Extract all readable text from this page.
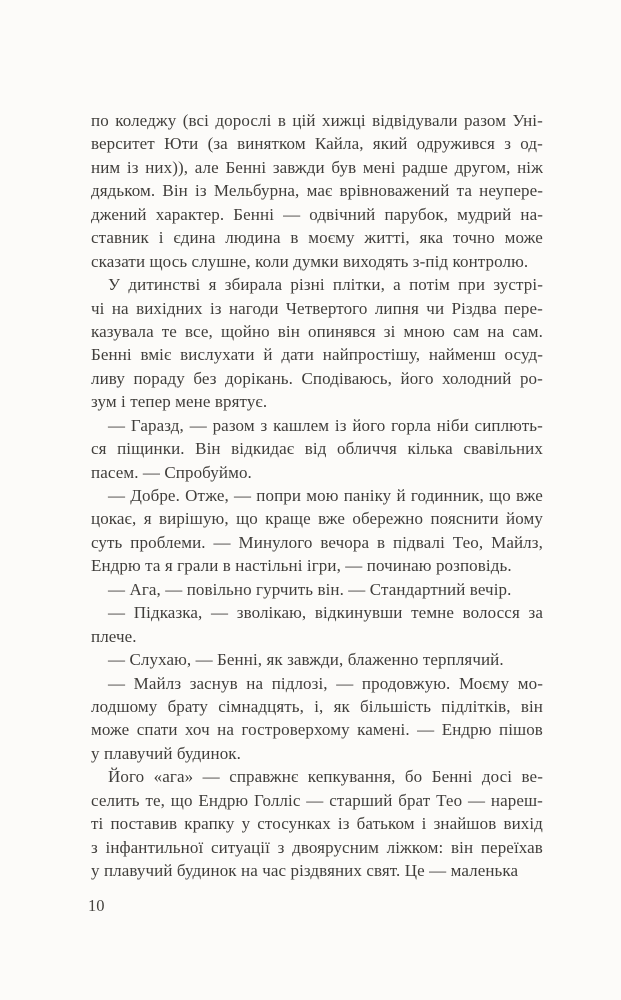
по коледжу (всі дорослі в цій хижці відвідували разом Уні-
верситет Юти (за винятком Кайла, який одружився з од-
ним із них)), але Бенні завжди був мені радше другом, ніж
дядьком. Він із Мельбурна, має врівноважений та неупере-
джений характер. Бенні — одвічний парубок, мудрий на-
ставник і єдина людина в моєму житті, яка точно може
сказати щось слушне, коли думки виходять з-під контролю.
У дитинстві я збирала різні плітки, а потім при зустрі-
чі на вихідних із нагоди Четвертого липня чи Різдва пере-
казувала те все, щойно він опинявся зі мною сам на сам.
Бенні вміє вислухати й дати найпростішу, найменш осуд-
ливу пораду без дорікань. Сподіваюсь, його холодний ро-
зум і тепер мене врятує.
— Гаразд, — разом з кашлем із його горла ніби сиплють-
ся піщинки. Він відкидає від обличчя кілька свавільних
пасем. — Спробуймо.
— Добре. Отже, — попри мою паніку й годинник, що вже
цокає, я вирішую, що краще вже обережно пояснити йому
суть проблеми. — Минулого вечора в підвалі Тео, Майлз,
Ендрю та я грали в настільні ігри, — починаю розповідь.
— Ага, — повільно гурчить він. — Стандартний вечір.
— Підказка, — зволікаю, відкинувши темне волосся за
плече.
— Слухаю, — Бенні, як завжди, блаженно терплячий.
— Майлз заснув на підлозі, — продовжую. Моєму мо-
лодшому брату сімнадцять, і, як більшість підлітків, він
може спати хоч на гостроверхому камені. — Ендрю пішов
у плавучий будинок.
Його «ага» — справжнє кепкування, бо Бенні досі ве-
селить те, що Ендрю Голліс — старший брат Тео — нареш-
ті поставив крапку у стосунках із батьком і знайшов вихід
з інфантильної ситуації з двоярусним ліжком: він переїхав
у плавучий будинок на час різдвяних свят. Це — маленька
10
